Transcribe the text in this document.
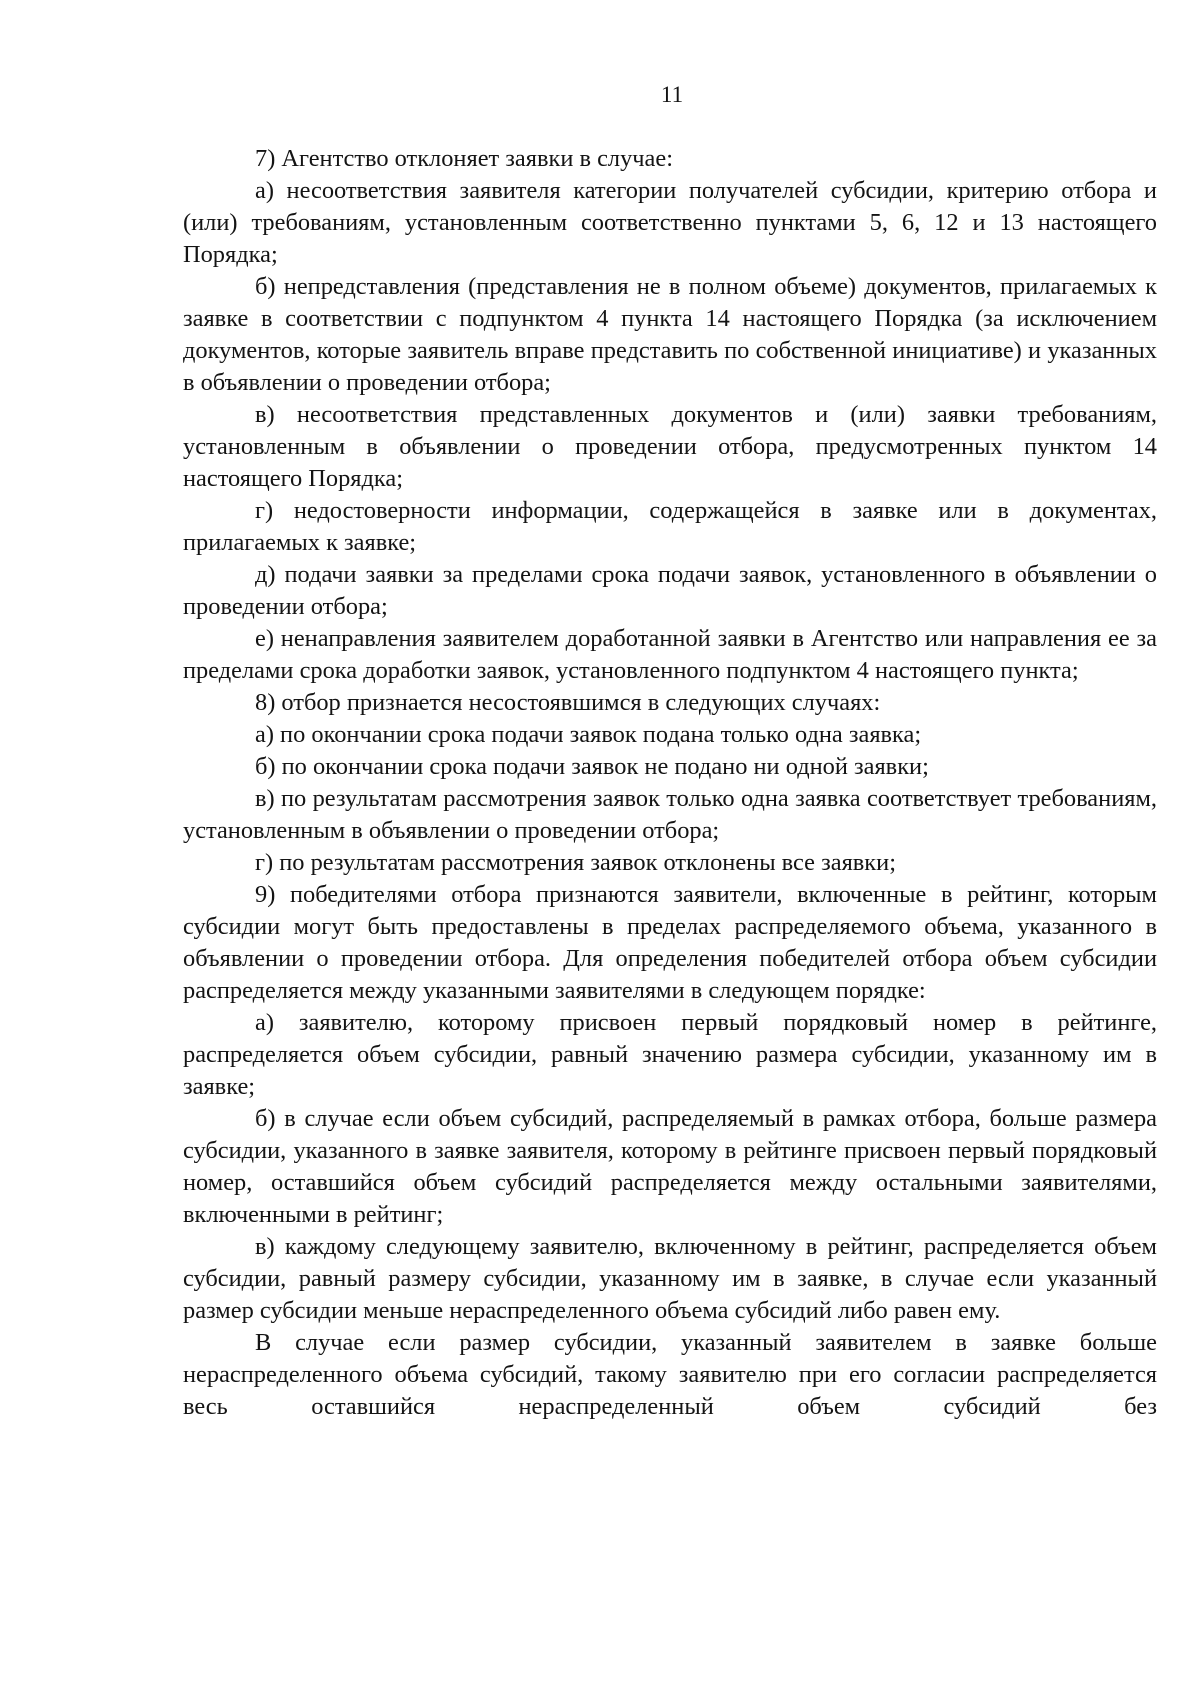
11

7) Агентство отклоняет заявки в случае:

а) несоответствия заявителя категории получателей субсидии, критерию отбора и (или) требованиям, установленным соответственно пунктами 5, 6, 12 и 13 настоящего Порядка;

б) непредставления (представления не в полном объеме) документов, прилагаемых к заявке в соответствии с подпунктом 4 пункта 14 настоящего Порядка (за исключением документов, которые заявитель вправе представить по собственной инициативе) и указанных в объявлении о проведении отбора;

в) несоответствия представленных документов и (или) заявки требованиям, установленным в объявлении о проведении отбора, предусмотренных пунктом 14 настоящего Порядка;

г) недостоверности информации, содержащейся в заявке или в документах, прилагаемых к заявке;

д) подачи заявки за пределами срока подачи заявок, установленного в объявлении о проведении отбора;

е) ненаправления заявителем доработанной заявки в Агентство или направления ее за пределами срока доработки заявок, установленного подпунктом 4 настоящего пункта;

8) отбор признается несостоявшимся в следующих случаях:

а) по окончании срока подачи заявок подана только одна заявка;

б) по окончании срока подачи заявок не подано ни одной заявки;

в) по результатам рассмотрения заявок только одна заявка соответствует требованиям, установленным в объявлении о проведении отбора;

г) по результатам рассмотрения заявок отклонены все заявки;

9) победителями отбора признаются заявители, включенные в рейтинг, которым субсидии могут быть предоставлены в пределах распределяемого объема, указанного в объявлении о проведении отбора. Для определения победителей отбора объем субсидии распределяется между указанными заявителями в следующем порядке:

а) заявителю, которому присвоен первый порядковый номер в рейтинге, распределяется объем субсидии, равный значению размера субсидии, указанному им в заявке;

б) в случае если объем субсидий, распределяемый в рамках отбора, больше размера субсидии, указанного в заявке заявителя, которому в рейтинге присвоен первый порядковый номер, оставшийся объем субсидий распределяется между остальными заявителями, включенными в рейтинг;

в) каждому следующему заявителю, включенному в рейтинг, распределяется объем субсидии, равный размеру субсидии, указанному им в заявке, в случае если указанный размер субсидии меньше нераспределенного объема субсидий либо равен ему.

В случае если размер субсидии, указанный заявителем в заявке больше нераспределенного объема субсидий, такому заявителю при его согласии распределяется весь оставшийся нераспределенный объем субсидий без
